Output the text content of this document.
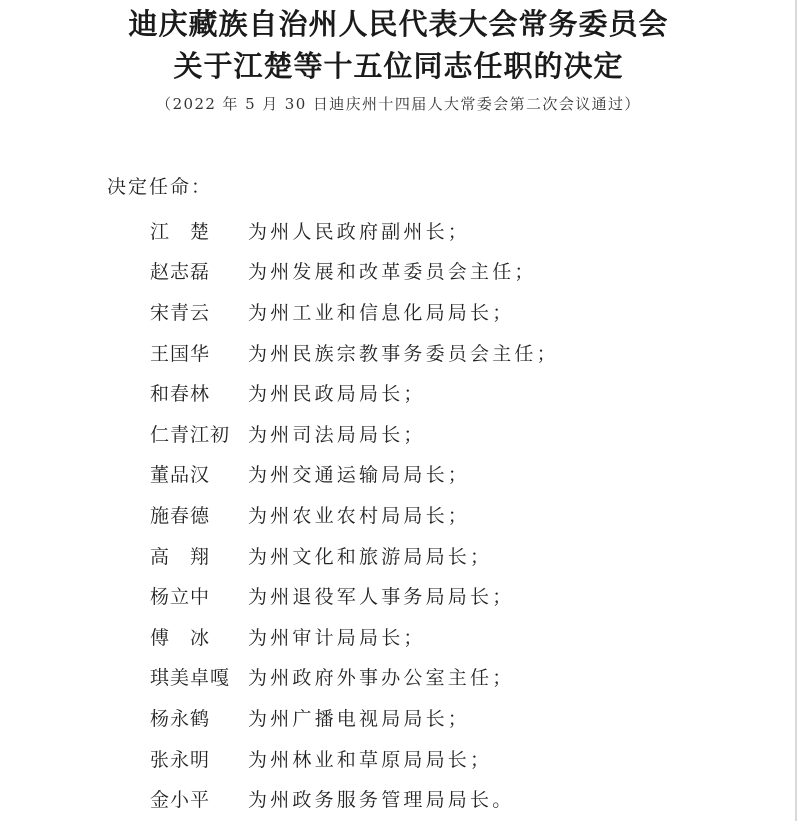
迪庆藏族自治州人民代表大会常务委员会
关于江楚等十五位同志任职的决定
（2022 年 5 月 30 日迪庆州十四届人大常委会第二次会议通过）
决定任命：
江　楚	为州人民政府副州长；
赵志磊	为州发展和改革委员会主任；
宋青云	为州工业和信息化局局长；
王国华	为州民族宗教事务委员会主任；
和春林	为州民政局局长；
仁青江初 为州司法局局长；
董品汉	为州交通运输局局长；
施春德	为州农业农村局局长；
高　翔	为州文化和旅游局局长；
杨立中	为州退役军人事务局局长；
傅　冰	为州审计局局长；
琪美卓嘎 为州政府外事办公室主任；
杨永鹤	为州广播电视局局长；
张永明	为州林业和草原局局长；
金小平	为州政务服务管理局局长。
